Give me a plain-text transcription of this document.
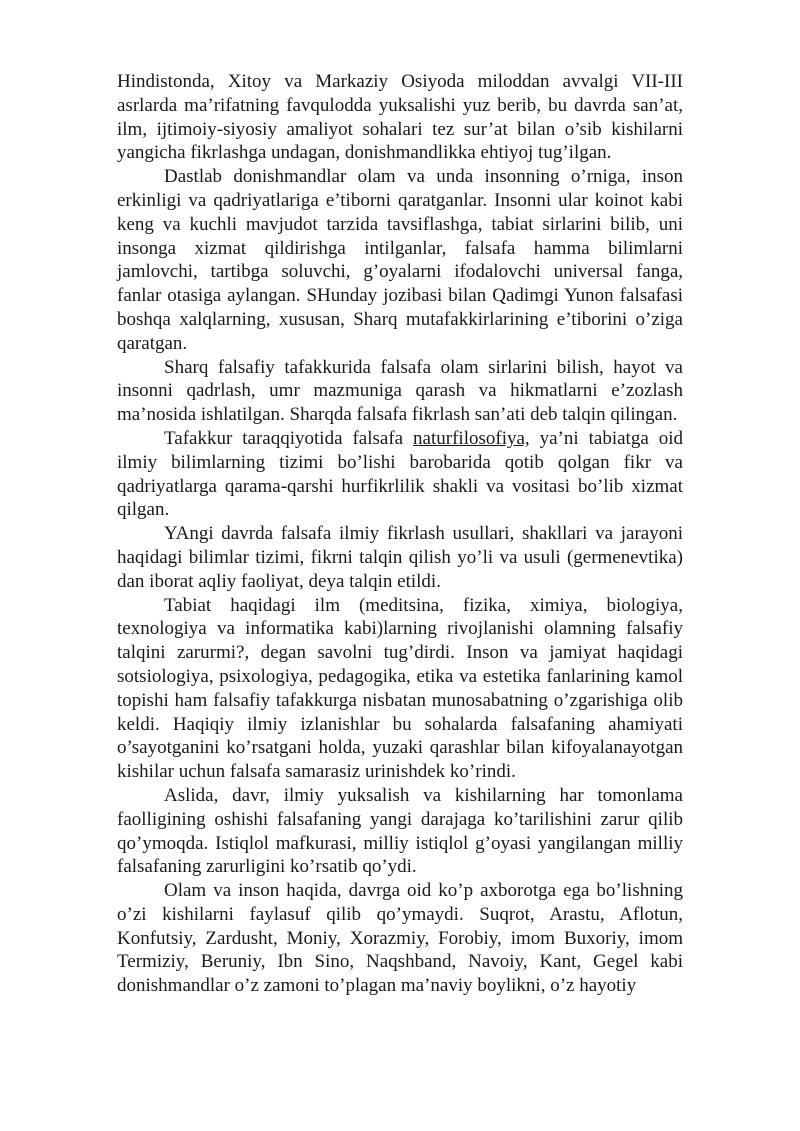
Hindistonda, Xitoy va Markaziy Osiyoda miloddan avvalgi VII-III asrlarda ma’rifatning favqulodda yuksalishi yuz berib, bu davrda san’at, ilm, ijtimoiy-siyosiy amaliyot sohalari tez sur’at bilan o’sib kishilarni yangicha fikrlashga undagan, donishmandlikka ehtiyoj tug’ilgan.

Dastlab donishmandlar olam va unda insonning o’rniga, inson erkinligi va qadriyatlariga e’tiborni qaratganlar. Insonni ular koinot kabi keng va kuchli mavjudot tarzida tavsiflashga, tabiat sirlarini bilib, uni insonga xizmat qildirishga intilganlar, falsafa hamma bilimlarni jamlovchi, tartibga soluvchi, g’oyalarni ifodalovchi universal fanga, fanlar otasiga aylangan. SHunday jozibasi bilan Qadimgi Yunon falsafasi boshqa xalqlarning, xususan, Sharq mutafakkirlarining e’tiborini o’ziga qaratgan.

Sharq falsafiy tafakkurida falsafa olam sirlarini bilish, hayot va insonni qadrlash, umr mazmuniga qarash va hikmatlarni e’zozlash ma’nosida ishlatilgan. Sharqda falsafa fikrlash san’ati deb talqin qilingan.

Tafakkur taraqqiyotida falsafa naturfilosofiya, ya’ni tabiatga oid ilmiy bilimlarning tizimi bo’lishi barobarida qotib qolgan fikr va qadriyatlarga qarama-qarshi hurfikrlilik shakli va vositasi bo’lib xizmat qilgan.

YAngi davrda falsafa ilmiy fikrlash usullari, shakllari va jarayoni haqidagi bilimlar tizimi, fikrni talqin qilish yo’li va usuli (germenevtika) dan iborat aqliy faoliyat, deya talqin etildi.

Tabiat haqidagi ilm (meditsina, fizika, ximiya, biologiya, texnologiya va informatika kabi)larning rivojlanishi olamning falsafiy talqini zarurmi?, degan savolni tug’dirdi. Inson va jamiyat haqidagi sotsiologiya, psixologiya, pedagogika, etika va estetika fanlarining kamol topishi ham falsafiy tafakkurga nisbatan munosabatning o’zgarishiga olib keldi. Haqiqiy ilmiy izlanishlar bu sohalarda falsafaning ahamiyati o’sayotganini ko’rsatgani holda, yuzaki qarashlar bilan kifoyalanayotgan kishilar uchun falsafa samarasiz urinishdek ko’rindi.

Aslida, davr, ilmiy yuksalish va kishilarning har tomonlama faolligining oshishi falsafaning yangi darajaga ko’tarilishini zarur qilib qo’ymoqda. Istiqlol mafkurasi, milliy istiqlol g’oyasi yangilangan milliy falsafaning zarurligini ko’rsatib qo’ydi.

Olam va inson haqida, davrga oid ko’p axborotga ega bo’lishning o’zi kishilarni faylasuf qilib qo’ymaydi. Suqrot, Arastu, Aflotun, Konfutsiy, Zardusht, Moniy, Xorazmiy, Forobiy, imom Buxoriy, imom Termiziy, Beruniy, Ibn Sino, Naqshband, Navoiy, Kant, Gegel kabi donishmandlar o’z zamoni to’plagan ma’naviy boylikni, o’z hayotiy
